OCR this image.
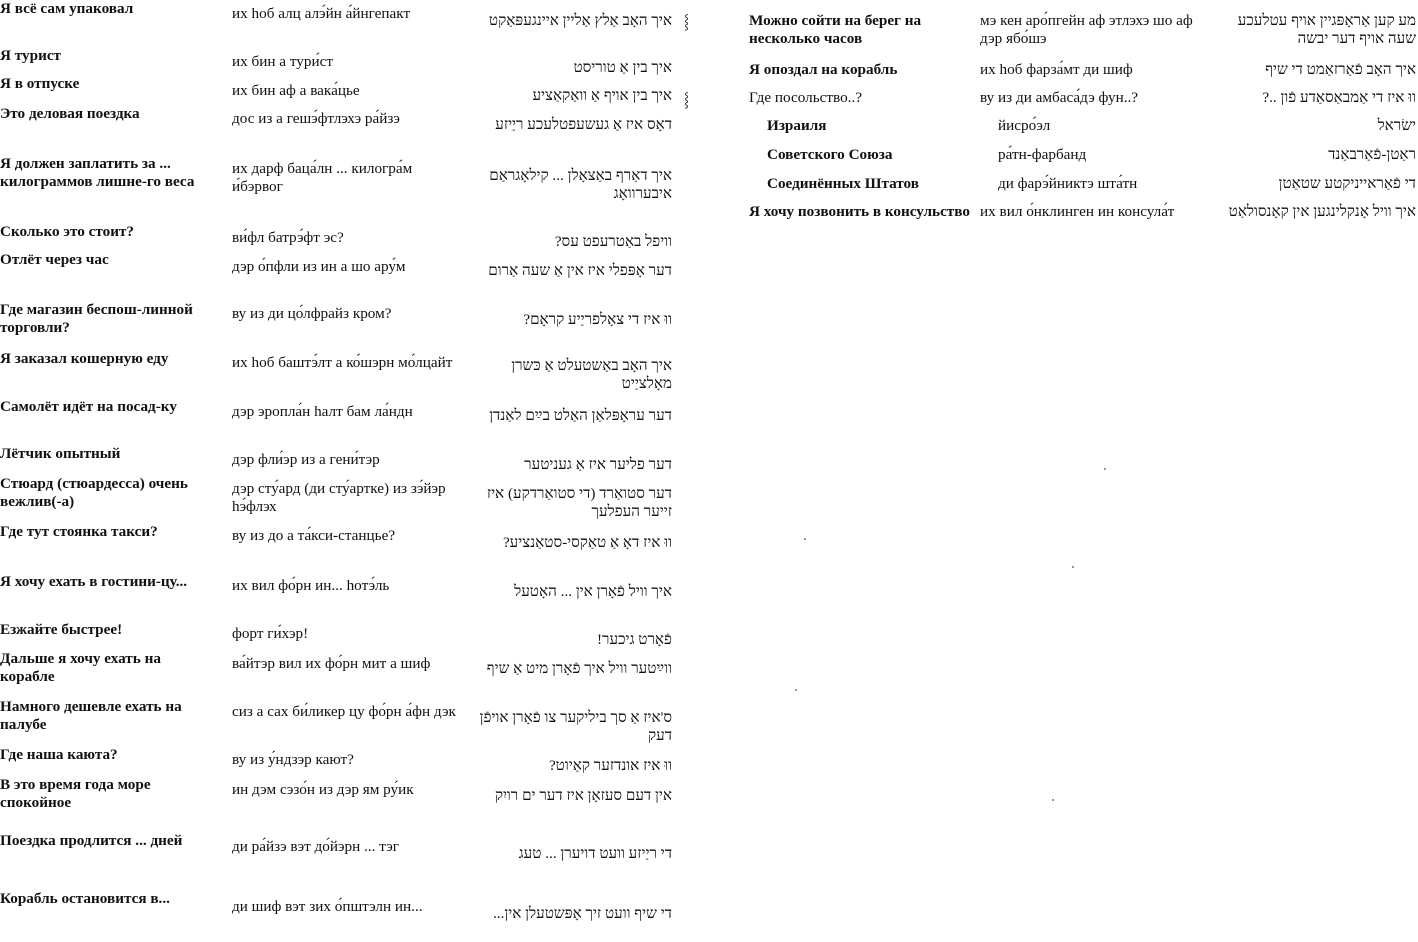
Я всё сам упаковал
Я турист
Я в отпуске
Это деловая поездка
Я должен заплатить за ... килограммов лишне-го веса
Сколько это стоит?
Отлёт через час
Где магазин беспош-линной торговли?
Я заказал кошерную еду
Самолёт идёт на посад-ку
Лётчик опытный
Стюард (стюардесса) очень вежлив(-а)
Где тут стоянка такси?
Я хочу ехать в гостини-цу...
Езжайте быстрее!
Дальше я хочу ехать на корабле
Намного дешевле ехать на палубе
Где наша каюта?
В это время года море спокойное
Поездка продлится ... дней
Корабль остановится в...
их hоб алц алэ́йн а́йнгепакт
их бин а тури́ст
их бин аф а вака́цье
дос из а гешэ́фтлэхэ ра́йзэ
их дарф баца́лн ... килогра́м и́бэрвог
ви́фл батрэ́фт эс?
дэр о́пфли из ин а шо ару́м
ву из ди цо́лфрайз кром?
их hоб баштэ́лт а ко́шэрн мо́лцайт
дэр эропла́н hалт бам ла́ндн
дэр фли́эр из а гени́тэр
дэр сту́ард (ди сту́артке) из зэ́йэр hэ́флэх
ву из до а та́кси-станцье?
их вил фо́рн ин... hотэ́ль
форт ги́хэр!
ва́йтэр вил их фо́рн мит а шиф
сиз а сах би́ликер цу фо́рн а́фн дэк
ву из у́ндзэр кают?
ин дэм сэзо́н из дэр ям ру́ик
ди ра́йзэ вэт до́йэрн ... тэг
ди шиф вэт зих о́пштэлн ин...
איך האָב אַלץ אַליין איינגעפּאַקט
איך בין אַ טוריסט
איך בין אויף אַ וואַקאַציע
דאָס איז אַ געשעפטלעכע ריַיזע
איך דאַרף באַצאָלן ... קילאָגראַם איבערוואָג
וויפל באַטרעפט עס?
דער אָפּפלי איז אין אַ שעה אַרום
ווּ איז די צאָלפריַיע קראָם?
איך האָב באַשטעלט אַ כּשרן מאָלציַיט
דער עראָפּלאַן האַלט בײַם לאַנדן
דער פליער איז אַ געניטער
דער סטואַרד (די סטואַרדקע) איז זייער העפלעך
ווּ איז דאָ אַ טאַקסי-סטאַנציע?
איך וויל פֿאָרן אין ... האָטעל
פֿאָרט גיכער!
ווײַטער וויל איך פֿאָרן מיט אַ שיף
ס'איז אַ סך ביליקער צו פֿאָרן אויפֿן דעק
ווּ איז אונדזער קאַיוט?
אין דעם סעזאָן איז דער ים רויִק
די ריַיזע וועט דויערן ... טעג
די שיף וועט זיך אָפּשטעלן אין...
⸾
⸾
Можно сойти на берег на несколько часов
Я опоздал на корабль
Где посольство..?
Израиля
Советского Союза
Соединённых Штатов
Я хочу позвонить в консульство
мэ кен аро́пгейн аф этлэхэ шо аф дэр ябо́шэ
их hоб фарза́мт ди шиф
ву из ди амбаса́дэ фун..?
йисро́эл
ра́тн-фарбанд
ди фарэ́йниктэ шта́тн
их вил о́нклинген ин консула́т
מע קען אַראָפּגיין אויף עטלעכע שעה אויף דער יבשה
איך האָב פֿאַרזאַמט די שיף
ווּ איז די אַמבאַסאַדע פֿון ..?
ישׂראל
ראַטן-פֿאַרבאַנד
די פֿאַראייניקטע שטאַטן
איך וויל אָנקלינגען אין קאָנסולאַט
